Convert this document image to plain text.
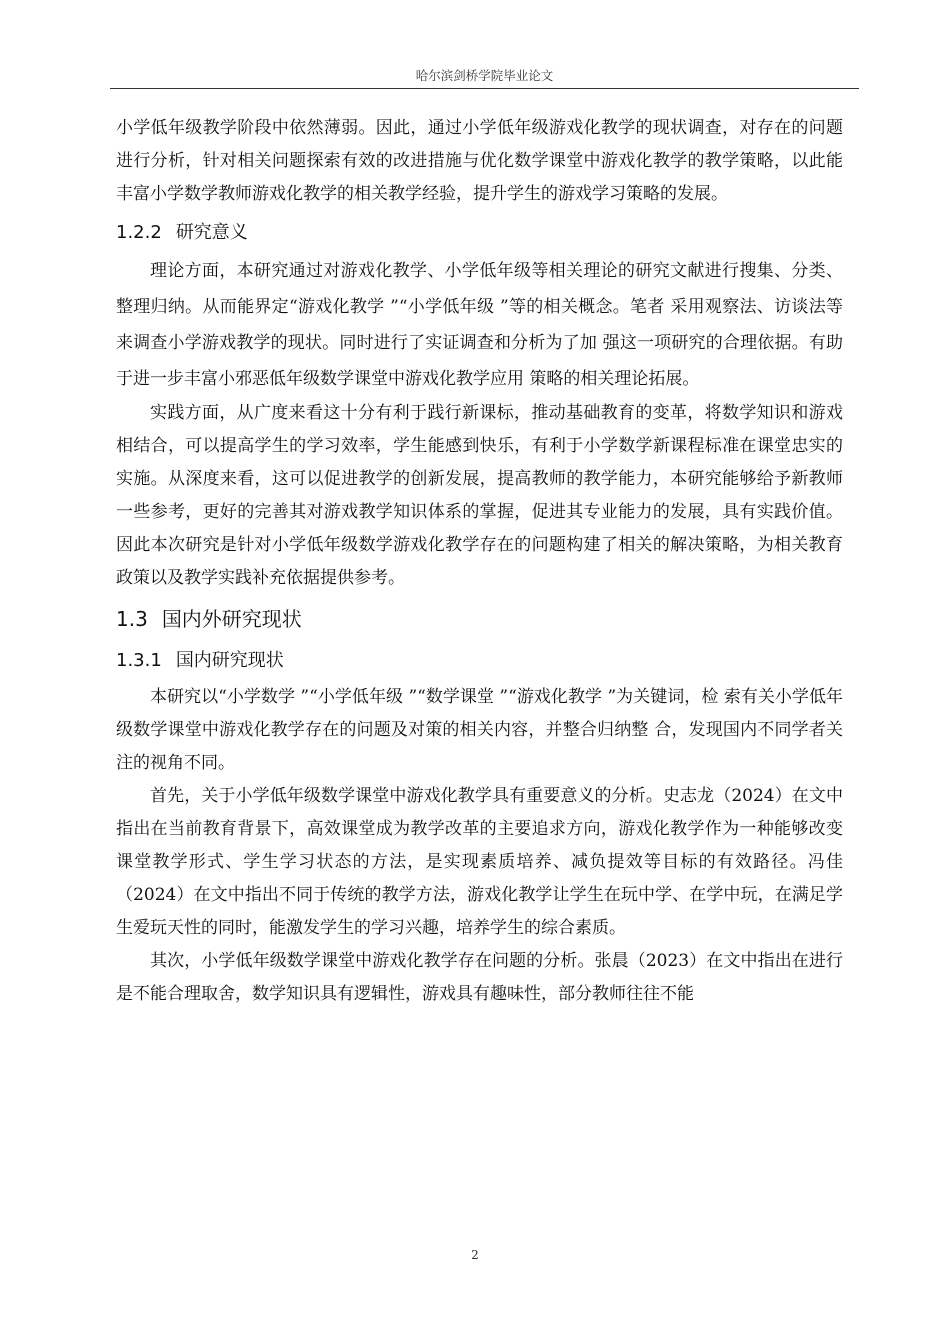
哈尔滨剑桥学院毕业论文

小学低年级教学阶段中依然薄弱。因此，通过小学低年级游戏化教学的现状调查，对存在的问题进行分析，针对相关问题探索有效的改进措施与优化数学课堂中游戏化教学的教学策略，以此能丰富小学数学教师游戏化教学的相关教学经验，提升学生的游戏学习策略的发展。

1.2.2 研究意义

理论方面，本研究通过对游戏化教学、小学低年级等相关理论的研究文献进行搜集、分类、整理归纳。从而能界定“游戏化教学 ”“小学低年级 ”等的相关概念。笔者 采用观察法、访谈法等来调查小学游戏教学的现状。同时进行了实证调查和分析为了加 强这一项研究的合理依据。有助于进一步丰富小邪恶低年级数学课堂中游戏化教学应用 策略的相关理论拓展。

实践方面，从广度来看这十分有利于践行新课标，推动基础教育的变革，将数学知识和游戏相结合，可以提高学生的学习效率，学生能感到快乐，有利于小学数学新课程标准在课堂忠实的实施。从深度来看，这可以促进教学的创新发展，提高教师的教学能力，本研究能够给予新教师一些参考，更好的完善其对游戏教学知识体系的掌握，促进其专业能力的发展，具有实践价值。因此本次研究是针对小学低年级数学游戏化教学存在的问题构建了相关的解决策略，为相关教育政策以及教学实践补充依据提供参考。

1.3 国内外研究现状
1.3.1 国内研究现状

本研究以“小学数学 ”“小学低年级 ”“数学课堂 ”“游戏化教学 ”为关键词，检 索有关小学低年级数学课堂中游戏化教学存在的问题及对策的相关内容，并整合归纳整 合，发现国内不同学者关注的视角不同。

首先，关于小学低年级数学课堂中游戏化教学具有重要意义的分析。史志龙（2024）在文中指出在当前教育背景下，高效课堂成为教学改革的主要追求方向，游戏化教学作为一种能够改变课堂教学形式、学生学习状态的方法，是实现素质培养、减负提效等目标的有效路径。冯佳（2024）在文中指出不同于传统的教学方法，游戏化教学让学生在玩中学、在学中玩，在满足学生爱玩天性的同时，能激发学生的学习兴趣，培养学生的综合素质。

其次，小学低年级数学课堂中游戏化教学存在问题的分析。张晨（2023）在文中指出在进行是不能合理取舍，数学知识具有逻辑性，游戏具有趣味性，部分教师往往不能

2
